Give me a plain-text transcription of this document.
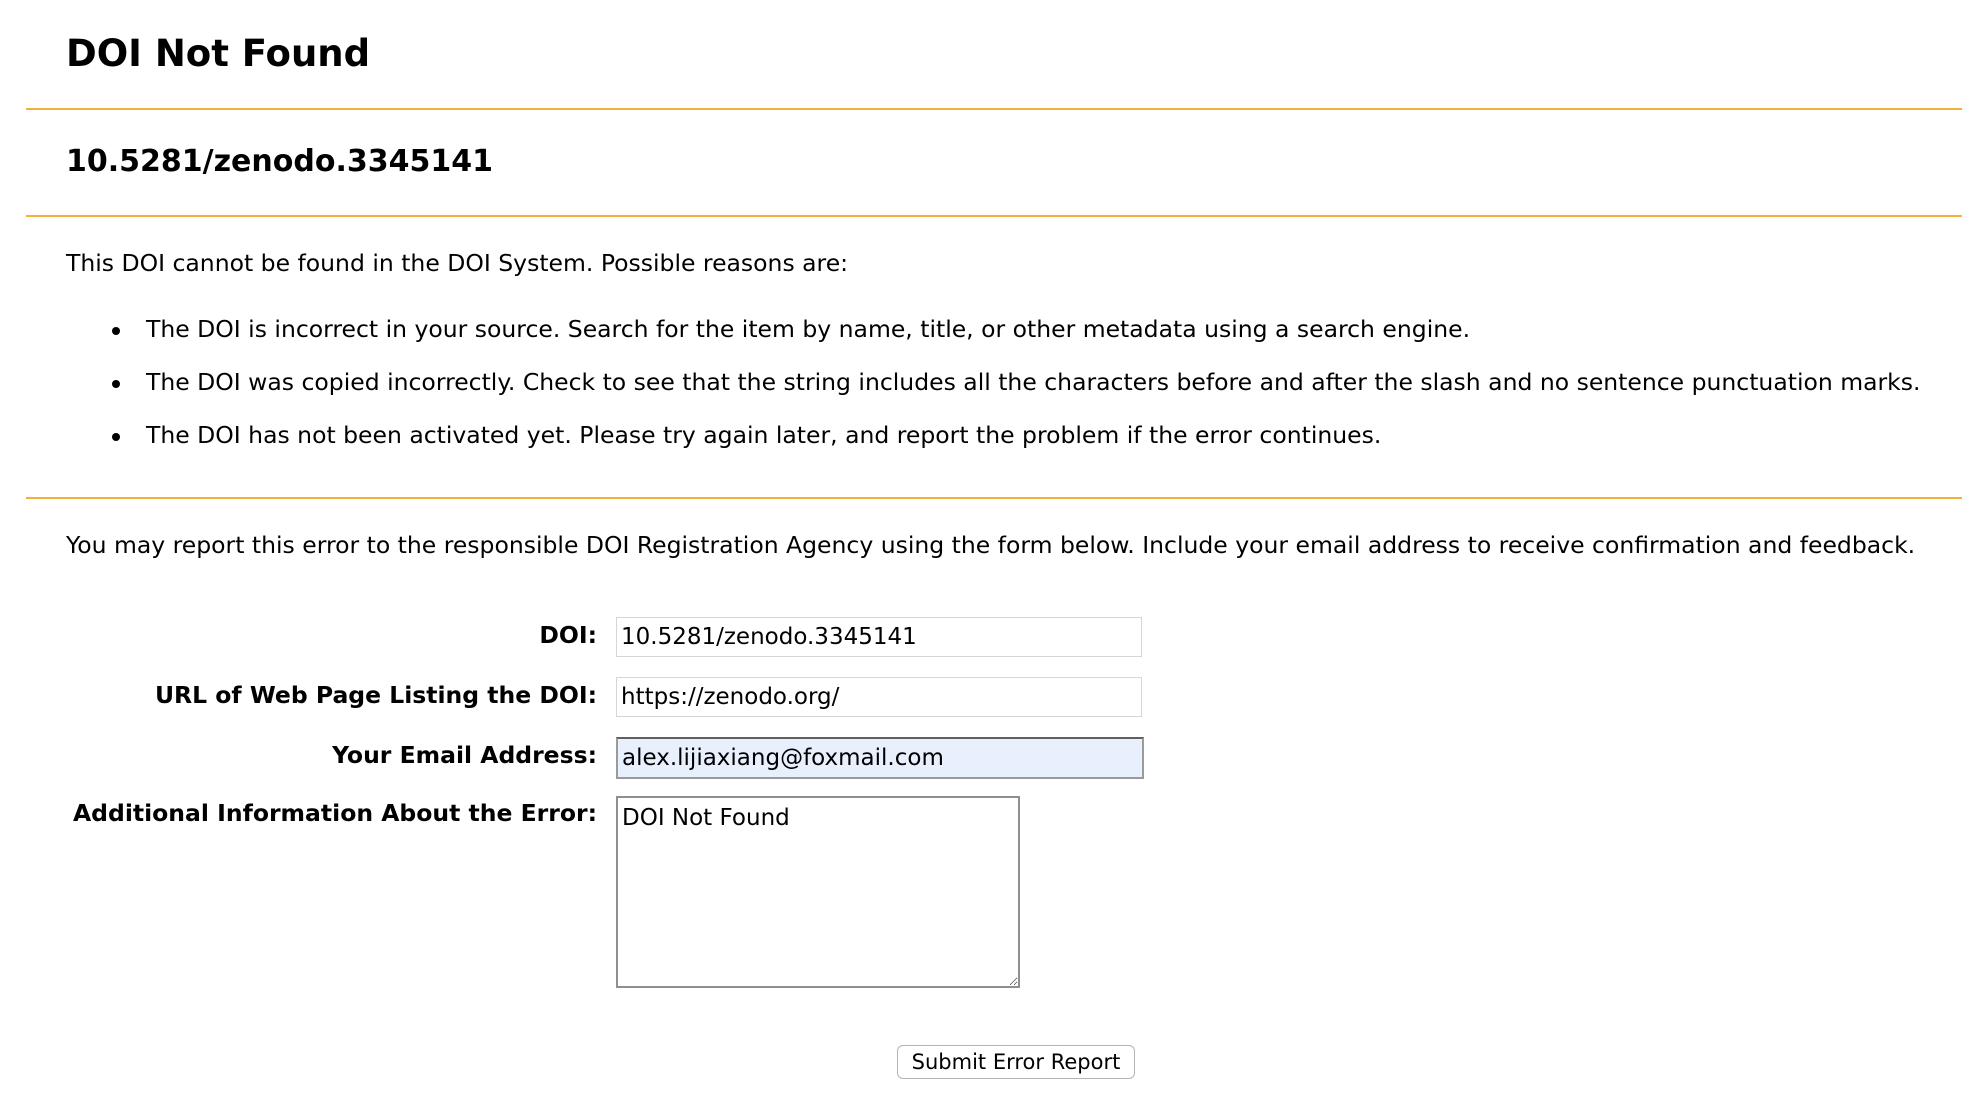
DOI Not Found
10.5281/zenodo.3345141

This DOI cannot be found in the DOI System. Possible reasons are:

The DOI is incorrect in your source. Search for the item by name, title, or other metadata using a search engine.
The DOI was copied incorrectly. Check to see that the string includes all the characters before and after the slash and no sentence punctuation marks.
The DOI has not been activated yet. Please try again later, and report the problem if the error continues.

You may report this error to the responsible DOI Registration Agency using the form below. Include your email address to receive confirmation and feedback.

DOI:
10.5281/zenodo.3345141
URL of Web Page Listing the DOI:
https://zenodo.org/
Your Email Address:
alex.lijiaxiang@foxmail.com
Additional Information About the Error:
DOI Not Found
Submit Error Report
